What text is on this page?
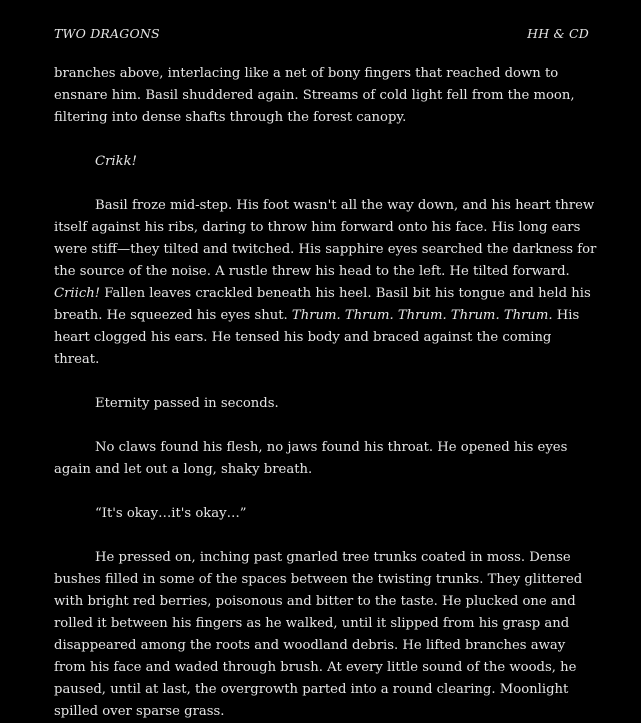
TWO DRAGONS	HH & CD

branches above, interlacing like a net of bony fingers that reached down to ensnare him. Basil shuddered again. Streams of cold light fell from the moon, filtering into dense shafts through the forest canopy.

Crikk!

Basil froze mid-step. His foot wasn't all the way down, and his heart threw itself against his ribs, daring to throw him forward onto his face. His long ears were stiff—they tilted and twitched. His sapphire eyes searched the darkness for the source of the noise. A rustle threw his head to the left. He tilted forward. Criich! Fallen leaves crackled beneath his heel. Basil bit his tongue and held his breath. He squeezed his eyes shut. Thrum. Thrum. Thrum. Thrum. Thrum. His heart clogged his ears. He tensed his body and braced against the coming threat.

Eternity passed in seconds.

No claws found his flesh, no jaws found his throat. He opened his eyes again and let out a long, shaky breath.

“It's okay…it's okay…”

He pressed on, inching past gnarled tree trunks coated in moss. Dense bushes filled in some of the spaces between the twisting trunks. They glittered with bright red berries, poisonous and bitter to the taste. He plucked one and rolled it between his fingers as he walked, until it slipped from his grasp and disappeared among the roots and woodland debris. He lifted branches away from his face and waded through brush. At every little sound of the woods, he paused, until at last, the overgrowth parted into a round clearing. Moonlight spilled over sparse grass.
